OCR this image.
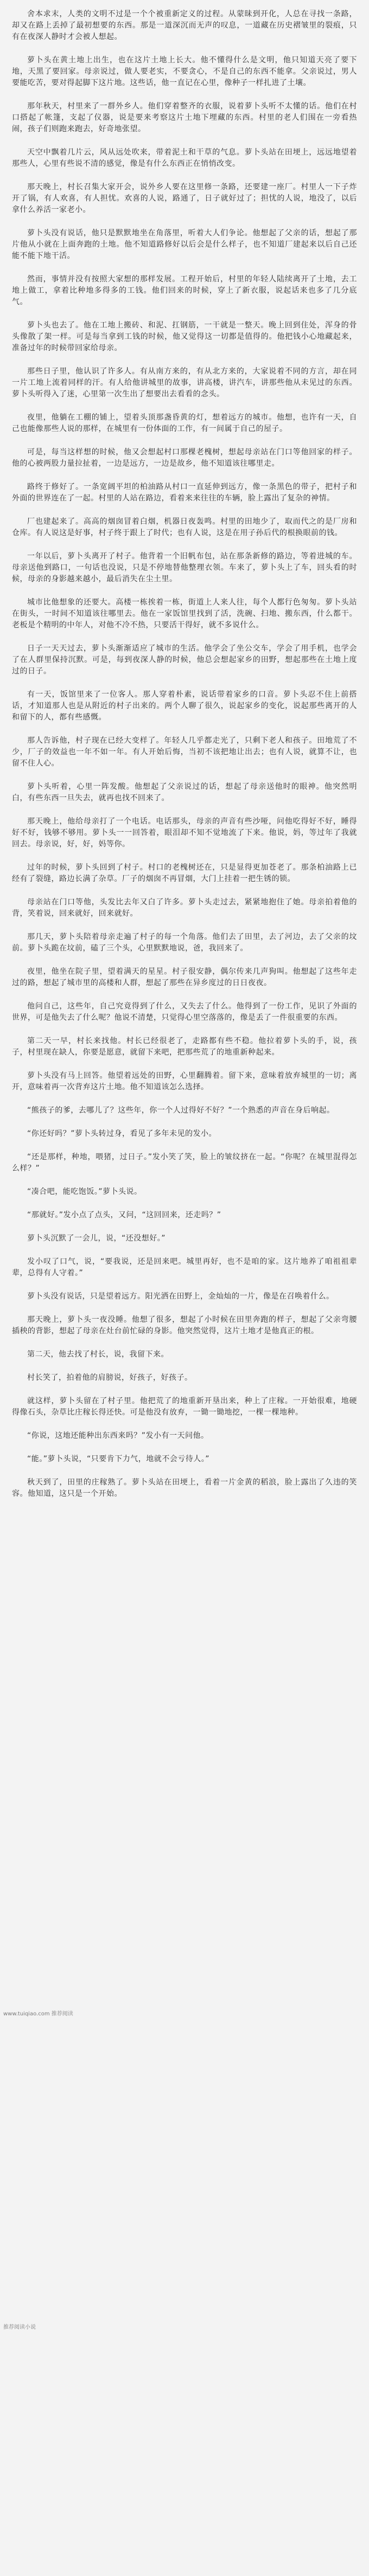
舍本求末，人类的文明不过是一个个被重新定义的过程。从蒙昧到开化，人总在寻找一条路，却又在路上丢掉了最初想要的东西。那是一道深沉而无声的叹息，一道藏在历史褶皱里的裂痕，只有在夜深人静时才会被人想起。

萝卜头在黄土地上出生，也在这片土地上长大。他不懂得什么是文明，他只知道天亮了要下地，天黑了要回家。母亲说过，做人要老实，不要贪心，不是自己的东西不能拿。父亲说过，男人要能吃苦，要对得起脚下这片地。这些话，他一直记在心里，像种子一样扎进了土壤。

那年秋天，村里来了一群外乡人。他们穿着整齐的衣服，说着萝卜头听不太懂的话。他们在村口搭起了帐篷，支起了仪器，说是要来考察这片土地下埋藏的东西。村里的老人们围在一旁看热闹，孩子们则跑来跑去，好奇地张望。

天空中飘着几片云，风从远处吹来，带着泥土和干草的气息。萝卜头站在田埂上，远远地望着那些人，心里有些说不清的感觉，像是有什么东西正在悄悄改变。

那天晚上，村长召集大家开会，说外乡人要在这里修一条路，还要建一座厂。村里人一下子炸开了锅，有人欢喜，有人担忧。欢喜的人说，路通了，日子就好过了；担忧的人说，地没了，以后拿什么养活一家老小。

萝卜头没有说话，他只是默默地坐在角落里，听着大人们争论。他想起了父亲的话，想起了那片他从小就在上面奔跑的土地。他不知道路修好以后会是什么样子，也不知道厂建起来以后自己还能不能下地干活。

然而，事情并没有按照大家想的那样发展。工程开始后，村里的年轻人陆续离开了土地，去工地上做工，拿着比种地多得多的工钱。他们回来的时候，穿上了新衣服，说起话来也多了几分底气。

萝卜头也去了。他在工地上搬砖、和泥、扛钢筋，一干就是一整天。晚上回到住处，浑身的骨头像散了架一样。可是每当拿到工钱的时候，他又觉得这一切都是值得的。他把钱小心地藏起来，准备过年的时候带回家给母亲。

那些日子里，他认识了许多人。有从南方来的，有从北方来的，大家说着不同的方言，却在同一片工地上流着同样的汗。有人给他讲城里的故事，讲高楼，讲汽车，讲那些他从未见过的东西。萝卜头听得入了迷，心里第一次生出了想要出去看看的念头。

夜里，他躺在工棚的铺上，望着头顶那盏昏黄的灯，想着远方的城市。他想，也许有一天，自己也能像那些人说的那样，在城里有一份体面的工作，有一间属于自己的屋子。

可是，每当这样想的时候，他又会想起村口那棵老槐树，想起母亲站在门口等他回家的样子。他的心被两股力量拉扯着，一边是远方，一边是故乡，他不知道该往哪里走。

路终于修好了。一条宽阔平坦的柏油路从村口一直延伸到远方，像一条黑色的带子，把村子和外面的世界连在了一起。村里的人站在路边，看着来来往往的车辆，脸上露出了复杂的神情。

厂也建起来了。高高的烟囱冒着白烟，机器日夜轰鸣。村里的田地少了，取而代之的是厂房和仓库。有人说这是好事，村子终于跟上了时代；也有人说，这是在用子孙后代的根换眼前的钱。

一年以后，萝卜头离开了村子。他背着一个旧帆布包，站在那条新修的路边，等着进城的车。母亲送他到路口，一句话也没说，只是不停地替他整理衣领。车来了，萝卜头上了车，回头看的时候，母亲的身影越来越小，最后消失在尘土里。

城市比他想象的还要大。高楼一栋挨着一栋，街道上人来人往，每个人都行色匆匆。萝卜头站在街头，一时间不知道该往哪里去。他在一家饭馆里找到了活，洗碗、扫地、搬东西，什么都干。老板是个精明的中年人，对他不冷不热，只要活干得好，就不多说什么。

日子一天天过去，萝卜头渐渐适应了城市的生活。他学会了坐公交车，学会了用手机，也学会了在人群里保持沉默。可是，每到夜深人静的时候，他总会想起家乡的田野，想起那些在土地上度过的日子。

有一天，饭馆里来了一位客人。那人穿着朴素，说话带着家乡的口音。萝卜头忍不住上前搭话，才知道那人也是从附近的村子出来的。两个人聊了很久，说起家乡的变化，说起那些离开的人和留下的人，都有些感慨。

那人告诉他，村子现在已经大变样了。年轻人几乎都走光了，只剩下老人和孩子。田地荒了不少，厂子的效益也一年不如一年。有人开始后悔，当初不该把地让出去；也有人说，就算不让，也留不住人心。

萝卜头听着，心里一阵发酸。他想起了父亲说过的话，想起了母亲送他时的眼神。他突然明白，有些东西一旦失去，就再也找不回来了。

那天晚上，他给母亲打了一个电话。电话那头，母亲的声音有些沙哑，问他吃得好不好，睡得好不好，钱够不够用。萝卜头一一回答着，眼泪却不知不觉地流了下来。他说，妈，等过年了我就回去。母亲说，好，好，妈等你。

过年的时候，萝卜头回到了村子。村口的老槐树还在，只是显得更加苍老了。那条柏油路上已经有了裂缝，路边长满了杂草。厂子的烟囱不再冒烟，大门上挂着一把生锈的锁。

母亲站在门口等他，头发比去年又白了许多。萝卜头走过去，紧紧地抱住了她。母亲拍着他的背，笑着说，回来就好，回来就好。

那几天，萝卜头陪着母亲走遍了村子的每一个角落。他们去了田里，去了河边，去了父亲的坟前。萝卜头跪在坟前，磕了三个头，心里默默地说，爸，我回来了。

夜里，他坐在院子里，望着满天的星星。村子很安静，偶尔传来几声狗叫。他想起了这些年走过的路，想起了城市里的高楼和人群，想起了那些在异乡度过的日日夜夜。

他问自己，这些年，自己究竟得到了什么，又失去了什么。他得到了一份工作，见识了外面的世界，可是他失去了什么呢？他说不清楚，只觉得心里空落落的，像是丢了一件很重要的东西。

第二天一早，村长来找他。村长已经很老了，走路都有些不稳。他拉着萝卜头的手，说，孩子，村里现在缺人，你要是愿意，就留下来吧，把那些荒了的地重新种起来。

萝卜头没有马上回答。他望着远处的田野，心里翻腾着。留下来，意味着放弃城里的一切；离开，意味着再一次背弃这片土地。他不知道该怎么选择。

“熊孩子的爹，去哪儿了？这些年，你一个人过得好不好？”一个熟悉的声音在身后响起。

“你还好吗？”萝卜头转过身，看见了多年未见的发小。

“还是那样，种地，喂猪，过日子。”发小笑了笑，脸上的皱纹挤在一起。“你呢？在城里混得怎么样？”

“凑合吧，能吃饱饭。”萝卜头说。

“那就好。”发小点了点头，又问，“这回回来，还走吗？”

萝卜头沉默了一会儿，说，“还没想好。”

发小叹了口气，说，“要我说，还是回来吧。城里再好，也不是咱的家。这片地养了咱祖祖辈辈，总得有人守着。”

萝卜头没有说话，只是望着远方。阳光洒在田野上，金灿灿的一片，像是在召唤着什么。

那天晚上，萝卜头一夜没睡。他想了很多，想起了小时候在田里奔跑的样子，想起了父亲弯腰插秧的背影，想起了母亲在灶台前忙碌的身影。他突然觉得，这片土地才是他真正的根。

第二天，他去找了村长，说，我留下来。

村长笑了，拍着他的肩膀说，好孩子，好孩子。

就这样，萝卜头留在了村子里。他把荒了的地重新开垦出来，种上了庄稼。一开始很难，地硬得像石头，杂草比庄稼长得还快。可是他没有放弃，一锄一锄地挖，一棵一棵地种。

“你说，这地还能种出东西来吗？”发小有一天问他。

“能。”萝卜头说，“只要肯下力气，地就不会亏待人。”

秋天到了，田里的庄稼熟了。萝卜头站在田埂上，看着一片金黄的稻浪，脸上露出了久违的笑容。他知道，这只是一个开始。

www.tuiqiao.com 推荐阅读
推荐阅读小说
